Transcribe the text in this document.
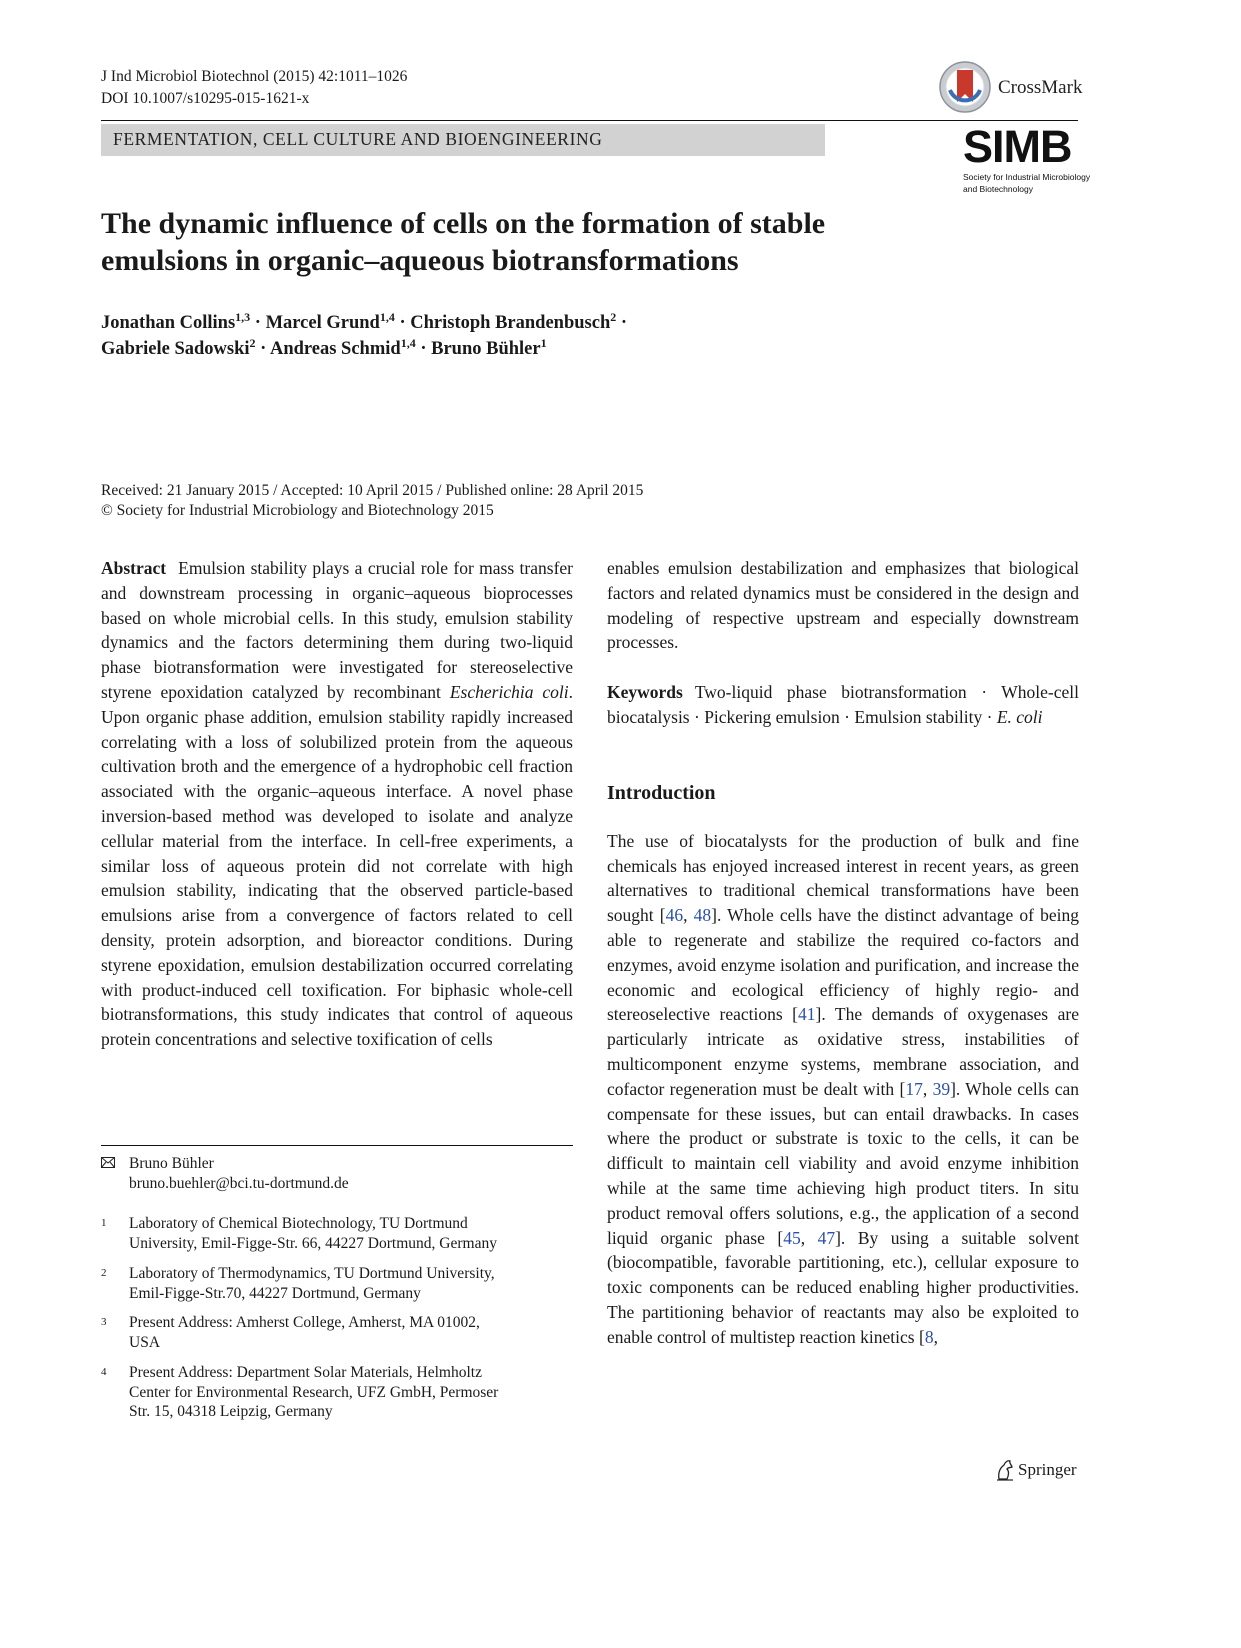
J Ind Microbiol Biotechnol (2015) 42:1011–1026
DOI 10.1007/s10295-015-1621-x
CrossMark
FERMENTATION, CELL CULTURE AND BIOENGINEERING	SIMB
Society for Industrial Microbiology
and Biotechnology
The dynamic influence of cells on the formation of stable
emulsions in organic–aqueous biotransformations
Jonathan Collins$^{1,3}$ · Marcel Grund$^{1,4}$ · Christoph Brandenbusch$^2$ ·
Gabriele Sadowski$^2$ · Andreas Schmid$^{1,4}$ · Bruno Bühler$^1$
Received: 21 January 2015 / Accepted: 10 April 2015 / Published online: 28 April 2015
© Society for Industrial Microbiology and Biotechnology 2015

Abstract Emulsion stability plays a crucial role for mass transfer and downstream processing in organic–aqueous bioprocesses based on whole microbial cells. In this study, emulsion stability dynamics and the factors determining them during two-liquid phase biotransformation were investigated for stereoselective styrene epoxidation catalyzed by recombinant Escherichia coli. Upon organic phase addition, emulsion stability rapidly increased correlating with a loss of solubilized protein from the aqueous cultivation broth and the emergence of a hydrophobic cell fraction associated with the organic–aqueous interface. A novel phase inversion-based method was developed to isolate and analyze cellular material from the interface. In cell-free experiments, a similar loss of aqueous protein did not correlate with high emulsion stability, indicating that the observed particle-based emulsions arise from a convergence of factors related to cell density, protein adsorption, and bioreactor conditions. During styrene epoxidation, emulsion destabilization occurred correlating with product-induced cell toxification. For biphasic whole-cell biotransformations, this study indicates that control of aqueous protein concentrations and selective toxification of cells

enables emulsion destabilization and emphasizes that biological factors and related dynamics must be considered in the design and modeling of respective upstream and especially downstream processes.

Keywords Two-liquid phase biotransformation · Whole-cell biocatalysis · Pickering emulsion · Emulsion stability · E. coli

Introduction

The use of biocatalysts for the production of bulk and fine chemicals has enjoyed increased interest in recent years, as green alternatives to traditional chemical transformations have been sought [46, 48]. Whole cells have the distinct advantage of being able to regenerate and stabilize the required co-factors and enzymes, avoid enzyme isolation and purification, and increase the economic and ecological efficiency of highly regio- and stereoselective reactions [41]. The demands of oxygenases are particularly intricate as oxidative stress, instabilities of multicomponent enzyme systems, membrane association, and cofactor regeneration must be dealt with [17, 39]. Whole cells can compensate for these issues, but can entail drawbacks. In cases where the product or substrate is toxic to the cells, it can be difficult to maintain cell viability and avoid enzyme inhibition while at the same time achieving high product titers. In situ product removal offers solutions, e.g., the application of a second liquid organic phase [45, 47]. By using a suitable solvent (biocompatible, favorable partitioning, etc.), cellular exposure to toxic components can be reduced enabling higher productivities. The partitioning behavior of reactants may also be exploited to enable control of multistep reaction kinetics [8,

Bruno Bühler
bruno.buehler@bci.tu-dortmund.de
1 Laboratory of Chemical Biotechnology, TU Dortmund
University, Emil-Figge-Str. 66, 44227 Dortmund, Germany
2 Laboratory of Thermodynamics, TU Dortmund University,
Emil-Figge-Str.70, 44227 Dortmund, Germany
3 Present Address: Amherst College, Amherst, MA 01002,
USA
4 Present Address: Department Solar Materials, Helmholtz
Center for Environmental Research, UFZ GmbH, Permoser
Str. 15, 04318 Leipzig, Germany
Springer
